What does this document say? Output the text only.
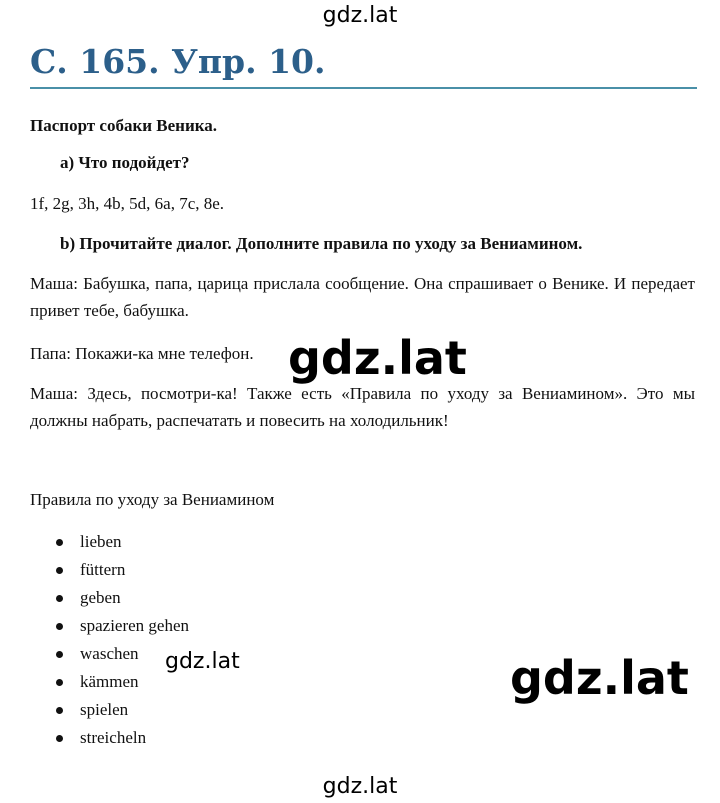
gdz.lat
С. 165. Упр. 10.
Паспорт собаки Веника.
a) Что подойдет?
1f, 2g, 3h, 4b, 5d, 6a, 7c, 8e.
b) Прочитайте диалог. Дополните правила по уходу за Вениамином.
Маша: Бабушка, папа, царица прислала сообщение. Она спрашивает о Венике. И передает привет тебе, бабушка.
Папа: Покажи-ка мне телефон.
Маша: Здесь, посмотри-ка! Также есть «Правила по уходу за Вениамином». Это мы должны набрать, распечатать и повесить на холодильник!
gdz.lat
Правила по уходу за Вениамином
lieben
füttern
geben
spazieren gehen
waschen
kämmen
spielen
streicheln
gdz.lat	gdz.lat
gdz.lat
